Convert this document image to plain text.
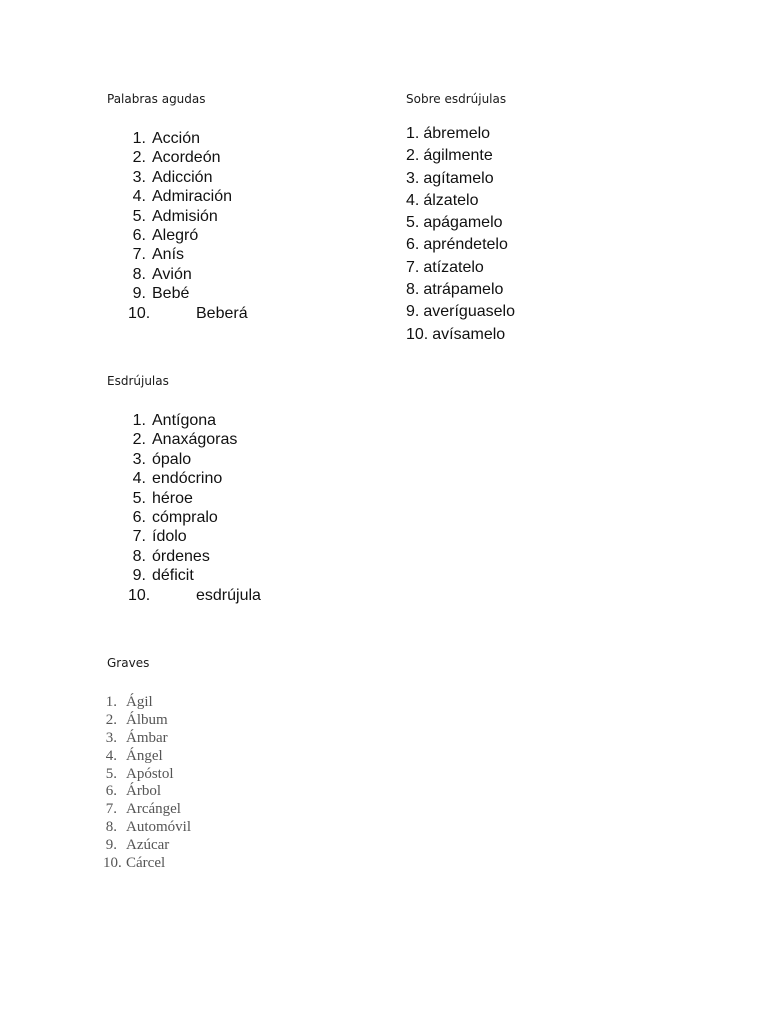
Palabras agudas
1. Acción
2. Acordeón
3. Adicción
4. Admiración
5. Admisión
6. Alegró
7. Anís
8. Avión
9. Bebé
10.	Beberá
Sobre esdrújulas
1. ábremelo
2. ágilmente
3. agítamelo
4. álzatelo
5. apágamelo
6. apréndetelo
7. atízatelo
8. atrápamelo
9. averíguaselo
10. avísamelo
Esdrújulas
1. Antígona
2. Anaxágoras
3. ópalo
4. endócrino
5. héroe
6. cómpralo
7. ídolo
8. órdenes
9. déficit
10.	esdrújula
Graves
1. Ágil
2. Álbum
3. Ámbar
4. Ángel
5. Apóstol
6. Árbol
7. Arcángel
8. Automóvil
9. Azúcar
10. Cárcel
